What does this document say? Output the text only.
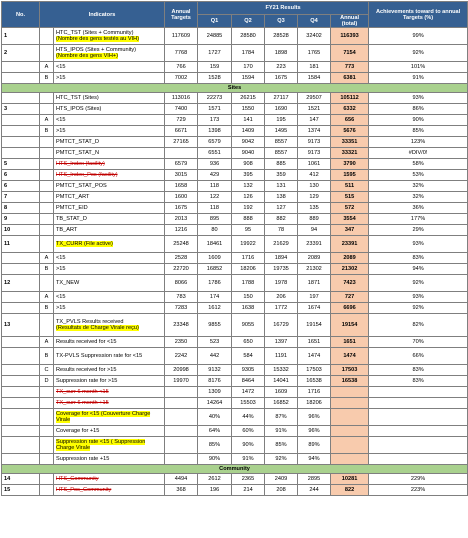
No.	Indicators		Annual Targets	FY21 Results					Achievements toward to annual Targets (%)
				Q1	Q2	Q3	Q4	Annual (total)	
1		HTC_TST (Sites + Community)
(Nombre des gens testés au VIH)	117609	24885	28580	28528	32402	116393	99%
2		HTS_IPOS (Sites + Community)
(Nombre des gens VIH+)	7768	1727	1784	1898	1765	7154	92%
	A	<15	766	159	170	223	181	773	101%
	B	>15	7002	1528	1594	1675	1584	6381	91%
Sites									
		HTC_TST (Sites)	113016	22273	26215	27117	29507	105112	93%
3		HTS_IPOS (Sites)	7400	1571	1550	1690	1521	6332	86%
	A	<15	729	173	141	195	147	656	90%
	B	>15	6671	1398	1409	1495	1374	5676	85%
		PMTCT_STAT_D	27165	6579	9042	8557	9173	33351	123%
		PMTCT_STAT_N		6551	9040	8557	9173	33321	#DIV/0!
5		HTS_Index (facility)	6579	936	908	885	1061	3790	58%
6		HTS_Index_Pos (facility)	3015	429	395	359	412	1595	53%
6		PMTCT_STAT_POS	1658	118	132	131	130	511	32%
7		PMTCT_ART	1600	122	126	138	129	515	32%
8		PMTCT_EID	1675	118	192	127	135	572	36%
9		TB_STAT_D	2013	895	888	882	889	3554	177%
10		TB_ART	1216	80	95	78	94	347	29%
11		TX_CURR (File active)	25248	18461	19922	21629	23391	23391	93%
	A	<15	2528	1609	1716	1894	2089	2089	83%
	B	>15	22720	16852	18206	19735	21302	21302	94%
12		TX_NEW	8066	1786	1788	1978	1871	7423	92%
	A	<15	783	174	150	206	197	727	93%
	B	>15	7283	1612	1638	1772	1674	6696	92%
13		TX_PVLS Results received
(Resultats de Charge Virale reçu)	23348	9855	9055	16729	19154	19154	82%
	A	Results received for <15	2350	523	650	1397	1651	1651	70%
	B	TX-PVLS Suppression rate for <15	2242	442	584	1191	1474	1474	66%
	C	Results received for >15	20998	9132	9305	15332	17503	17503	83%
	D	Suppression rate for >15	19970	8176	8464	14041	16538	16538	83%
		TX_curr 6 month <15		1309	1472	1609	1716		
		TX_curr 6 month +15		14264	15503	16852	18206		
		Coverage for <15 (Couverture Charge Virale		40%	44%	87%	96%		
		Coverage for +15		64%	60%	91%	96%		
		Suppression rate <15 ( Suppression Charge Virale		85%	90%	85%	89%		
		Suppression rate +15		90%	91%	92%	94%		
Community									
14		HTS_Community	4494	2612	2365	2409	2895	10281	229%
15		HTS_Pos_Community	368	196	214	208	244	822	223%
